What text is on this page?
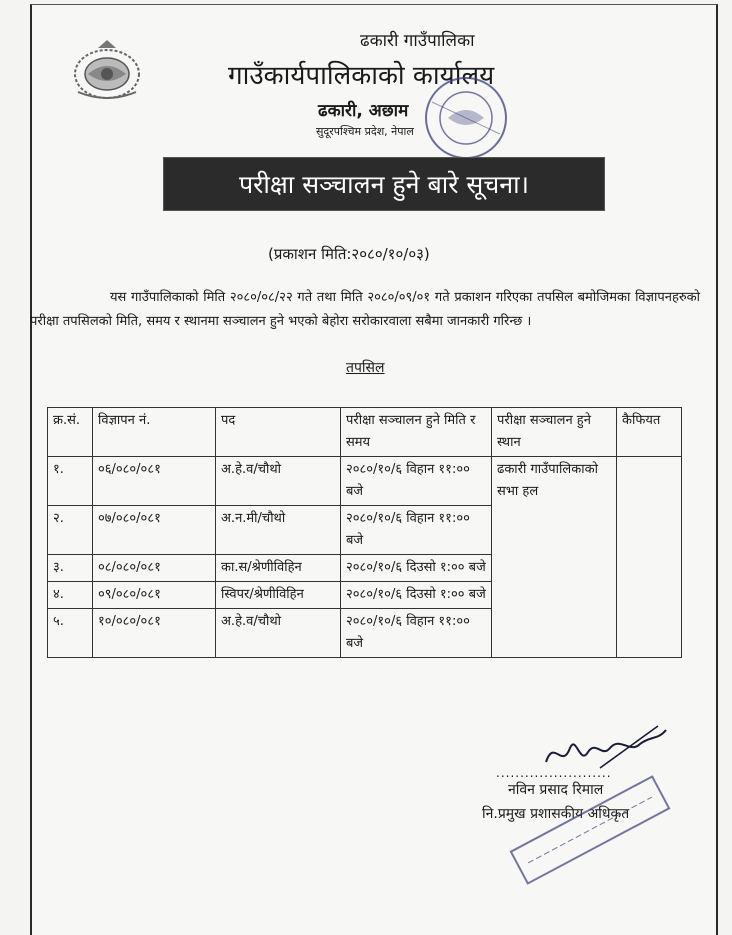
ढकारी गाउँपालिका
गाउँकार्यपालिकाको कार्यालय
ढकारी, अछाम
सुदूरपश्चिम प्रदेश, नेपाल
परीक्षा सञ्चालन हुने बारे सूचना।
(प्रकाशन मिति:२०८०/१०/०३)
यस गाउँपालिकाको मिति २०८०/०८/२२ गते तथा मिति २०८०/०९/०१ गते प्रकाशन गरिएका तपसिल बमोजिमका विज्ञापनहरुको परीक्षा तपसिलको मिति, समय र स्थानमा सञ्चालन हुने भएको बेहोरा सरोकारवाला सबैमा जानकारी गरिन्छ ।
तपसिल
क्र.सं.	विज्ञापन नं.	पद	परीक्षा सञ्चालन हुने मिति र समय	परीक्षा सञ्चालन हुने स्थान	कैफियत
१.	०६/०८०/०८१	अ.हे.व/चौथो	२०८०/१०/६ विहान ११:०० बजे	ढकारी गाउँपालिकाको सभा हल	
२.	०७/०८०/०८१	अ.न.मी/चौथो	२०८०/१०/६ विहान ११:०० बजे		
३.	०८/०८०/०८१	का.स/श्रेणीविहिन	२०८०/१०/६ दिउसो १:०० बजे		
४.	०९/०८०/०८१	स्विपर/श्रेणीविहिन	२०८०/१०/६ दिउसो १:०० बजे		
५.	१०/०८०/०८१	अ.हे.व/चौथो	२०८०/१०/६ विहान ११:०० बजे		
........................
नविन प्रसाद रिमाल
नि.प्रमुख प्रशासकीय अधिकृत
